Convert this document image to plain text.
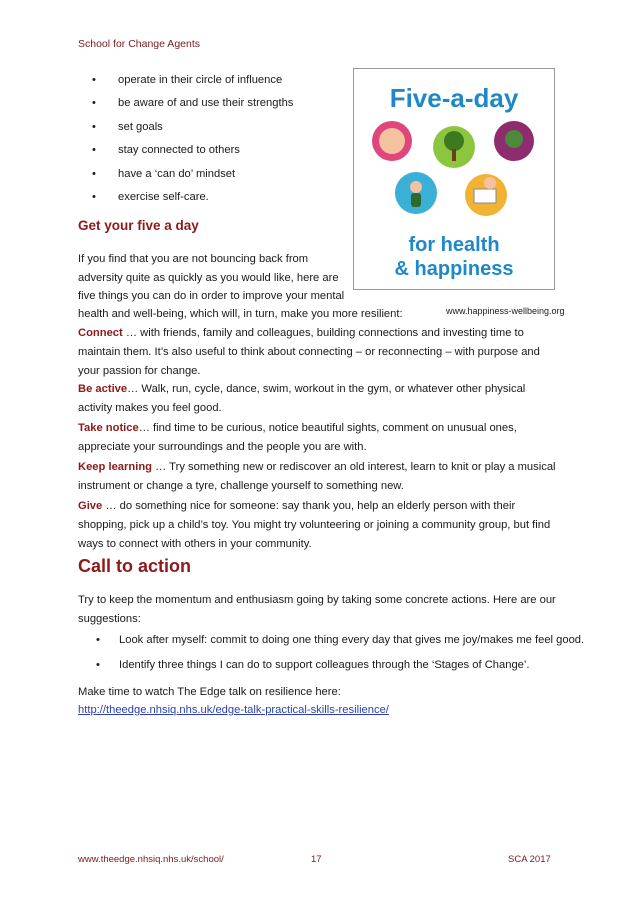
School for Change Agents
•	operate in their circle of influence
•	be aware of and use their strengths
•	set goals
•	stay connected to others
•	have a ‘can do’ mindset
•	exercise self-care.
Five-a-day
for health
& happiness
Get your five a day
If you find that you are not bouncing back from
adversity quite as quickly as you would like, here are
five things you can do in order to improve your mental
health and well-being, which will, in turn, make you more resilient:	www.happiness-wellbeing.org

Connect … with friends, family and colleagues, building connections and investing time to maintain them. It’s also useful to think about connecting – or reconnecting – with purpose and your passion for change.

Be active… Walk, run, cycle, dance, swim, workout in the gym, or whatever other physical activity makes you feel good.

Take notice… find time to be curious, notice beautiful sights, comment on unusual ones, appreciate your surroundings and the people you are with.

Keep learning … Try something new or rediscover an old interest, learn to knit or play a musical instrument or change a tyre, challenge yourself to something new.

Give … do something nice for someone: say thank you, help an elderly person with their shopping, pick up a child’s toy. You might try volunteering or joining a community group, but find ways to connect with others in your community.

Call to action

Try to keep the momentum and enthusiasm going by taking some concrete actions. Here are our suggestions:

•	Look after myself: commit to doing one thing every day that gives me joy/makes me feel good.
•	Identify three things I can do to support colleagues through the ‘Stages of Change’.

Make time to watch The Edge talk on resilience here:

http://theedge.nhsiq.nhs.uk/edge-talk-practical-skills-resilience/

www.theedge.nhsiq.nhs.uk/school/	17	SCA 2017
